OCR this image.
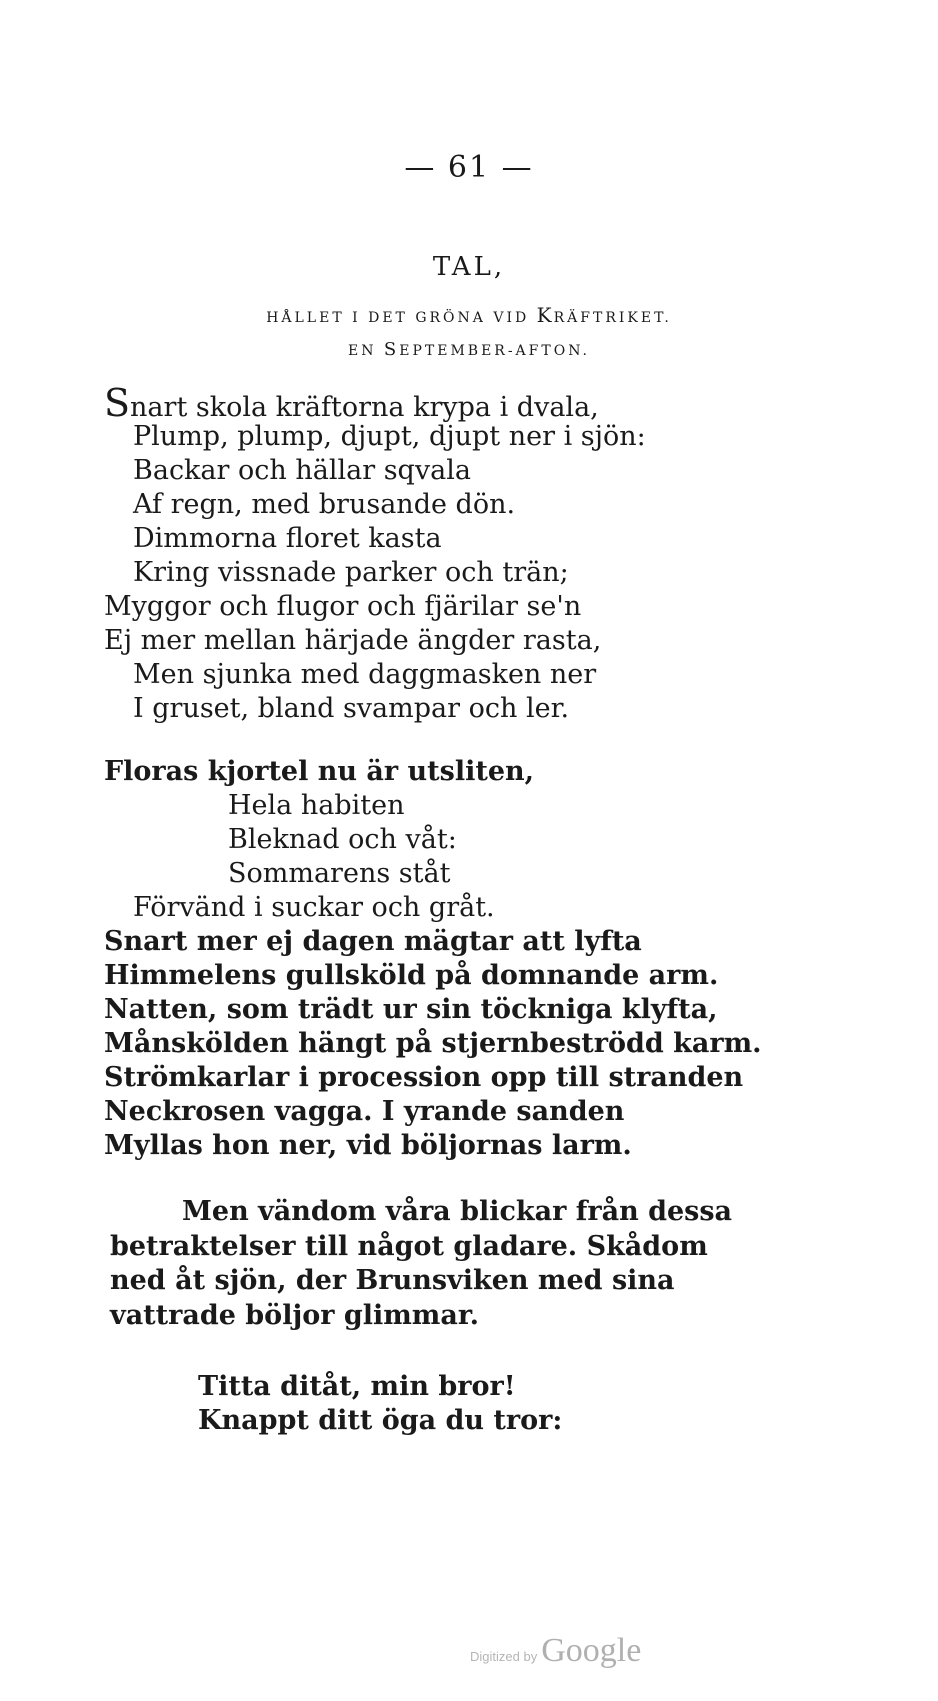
— 61 —
TAL,
HÅLLET I DET GRÖNA VID KRÄFTRIKET.
EN SEPTEMBER-AFTON.
Snart skola kräftorna krypa i dvala,
Plump, plump, djupt, djupt ner i sjön:
Backar och hällar sqvala
Af regn, med brusande dön.
Dimmorna floret kasta
Kring vissnade parker och trän;
Myggor och flugor och fjärilar se'n
Ej mer mellan härjade ängder rasta,
Men sjunka med daggmasken ner
I gruset, bland svampar och ler.
Floras kjortel nu är utsliten,
Hela habiten
Bleknad och våt:
Sommarens ståt
Förvänd i suckar och gråt.
Snart mer ej dagen mägtar att lyfta
Himmelens gullsköld på domnande arm.
Natten, som trädt ur sin töckniga klyfta,
Månskölden hängt på stjernbeströdd karm.
Strömkarlar i procession opp till stranden
Neckrosen vagga. I yrande sanden
Myllas hon ner, vid böljornas larm.

Men vändom våra blickar från dessa betraktelser till något gladare. Skådom ned åt sjön, der Brunsviken med sina vattrade böljor glimmar.

Titta ditåt, min bror!
Knappt ditt öga du tror:
Digitized by Google
